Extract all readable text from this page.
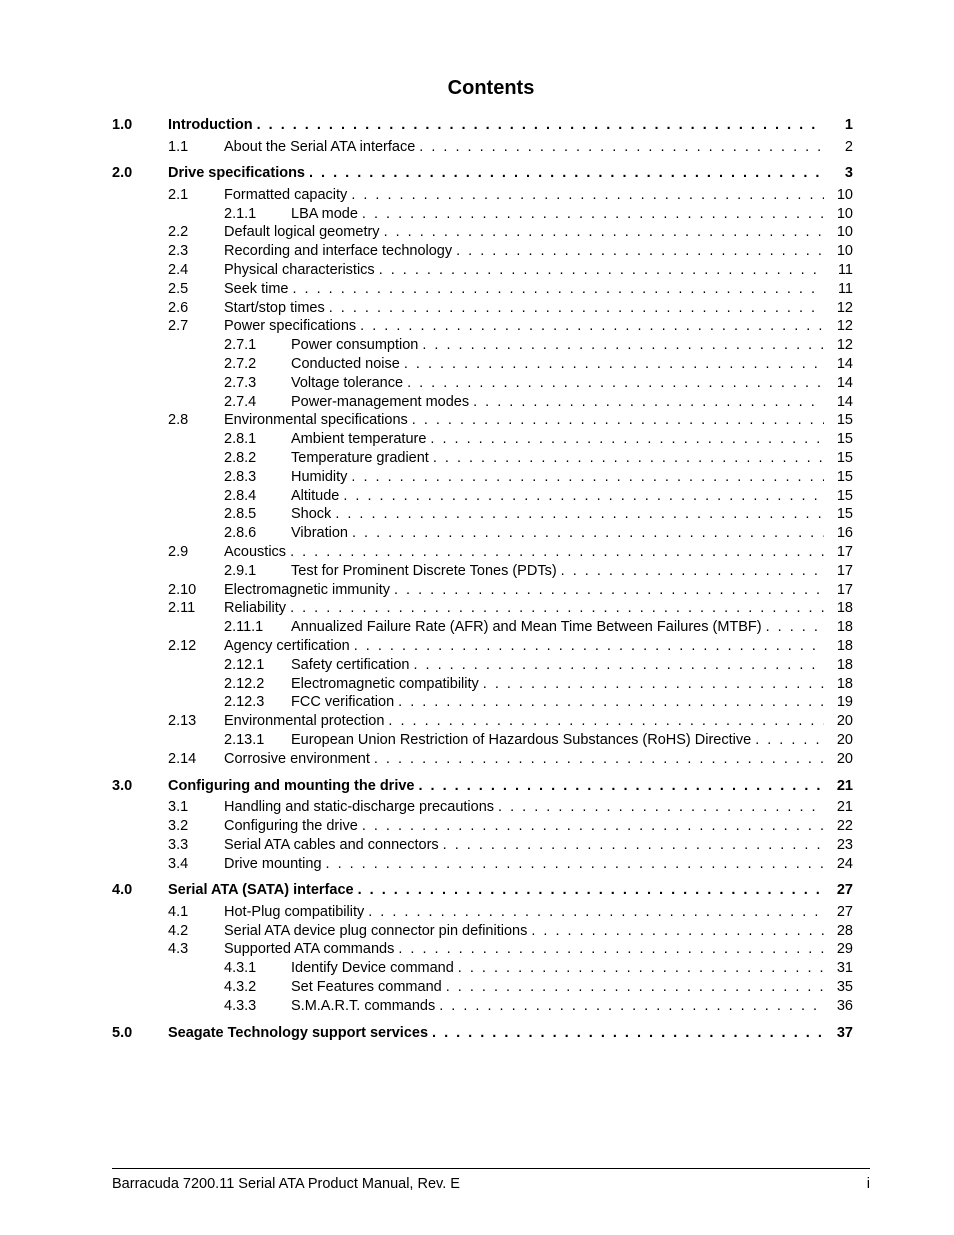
Contents
1.0 Introduction . . .	1
1.1 About the Serial ATA interface . . .	2
2.0 Drive specifications . . .	3
2.1 Formatted capacity . . .	10
2.1.1 LBA mode . . .	10
2.2 Default logical geometry . . .	10
2.3 Recording and interface technology . . .	10
2.4 Physical characteristics . . .	11
2.5 Seek time . . .	11
2.6 Start/stop times . . .	12
2.7 Power specifications . . .	12
2.7.1 Power consumption . . .	12
2.7.2 Conducted noise . . .	14
2.7.3 Voltage tolerance . . .	14
2.7.4 Power-management modes . . .	14
2.8 Environmental specifications . . .	15
2.8.1 Ambient temperature . . .	15
2.8.2 Temperature gradient . . .	15
2.8.3 Humidity . . .	15
2.8.4 Altitude . . .	15
2.8.5 Shock . . .	15
2.8.6 Vibration . . .	16
2.9 Acoustics . . .	17
2.9.1 Test for Prominent Discrete Tones (PDTs) . . .	17
2.10 Electromagnetic immunity . . .	17
2.11 Reliability . . .	18
2.11.1 Annualized Failure Rate (AFR) and Mean Time Between Failures (MTBF) . . .	18
2.12 Agency certification . . .	18
2.12.1 Safety certification . . .	18
2.12.2 Electromagnetic compatibility . . .	18
2.12.3 FCC verification . . .	19
2.13 Environmental protection . . .	20
2.13.1 European Union Restriction of Hazardous Substances (RoHS) Directive . . .	20
2.14 Corrosive environment . . .	20
3.0 Configuring and mounting the drive . . .	21
3.1 Handling and static-discharge precautions . . .	21
3.2 Configuring the drive . . .	22
3.3 Serial ATA cables and connectors . . .	23
3.4 Drive mounting . . .	24
4.0 Serial ATA (SATA) interface . . .	27
4.1 Hot-Plug compatibility . . .	27
4.2 Serial ATA device plug connector pin definitions . . .	28
4.3 Supported ATA commands . . .	29
4.3.1 Identify Device command . . .	31
4.3.2 Set Features command . . .	35
4.3.3 S.M.A.R.T. commands . . .	36
5.0 Seagate Technology support services . . .	37
Barracuda 7200.11 Serial ATA Product Manual, Rev. E	i
